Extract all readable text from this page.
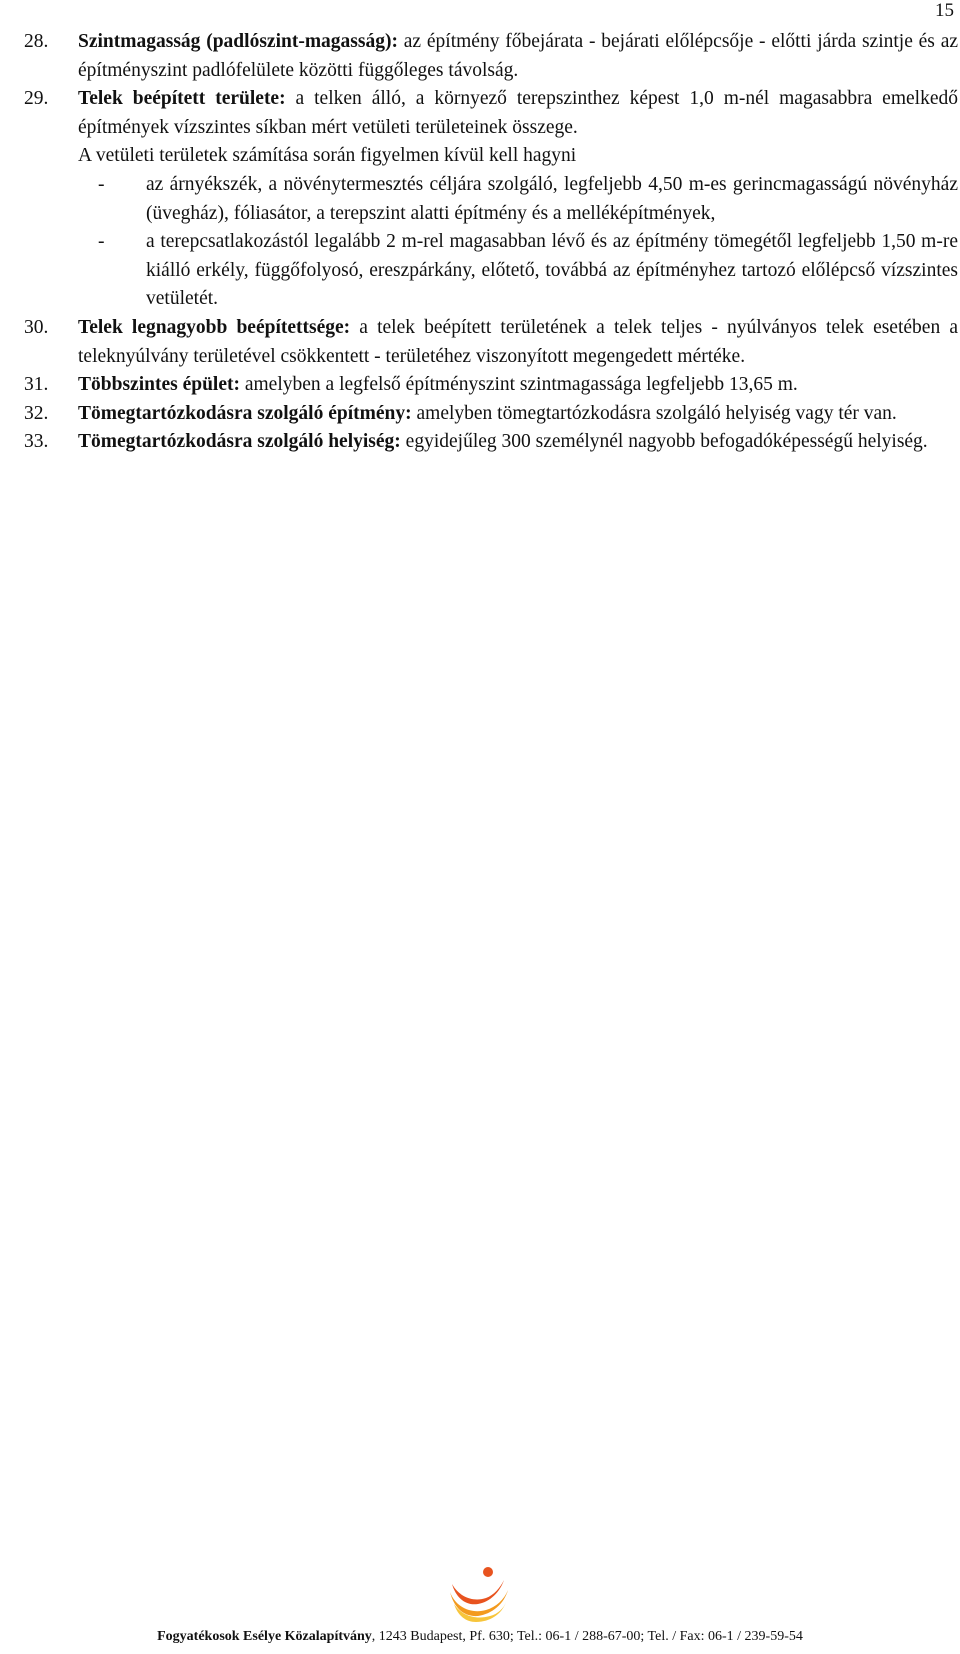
15
28. Szintmagasság (padlószint-magasság): az építmény főbejárata - bejárati előlépcsője - előtti járda szintje és az építményszint padlófelülete közötti függőleges távolság.

29. Telek beépített területe: a telken álló, a környező terepszinthez képest 1,0 m-nél magasabbra emelkedő építmények vízszintes síkban mért vetületi területeinek összege.

A vetületi területek számítása során figyelmen kívül kell hagyni

- az árnyékszék, a növénytermesztés céljára szolgáló, legfeljebb 4,50 m-es gerincmagasságú növényház (üvegház), fóliasátor, a terepszint alatti építmény és a melléképítmények,
- a terepcsatlakozástól legalább 2 m-rel magasabban lévő és az építmény tömegétől legfeljebb 1,50 m-re kiálló erkély, függőfolyosó, ereszpárkány, előtető, továbbá az építményhez tartozó előlépcső vízszintes vetületét.
30. Telek legnagyobb beépítettsége: a telek beépített területének a telek teljes - nyúlványos telek esetében a teleknyúlvány területével csökkentett - területéhez viszonyított megengedett mértéke.

31. Többszintes épület: amelyben a legfelső építményszint szintmagassága legfeljebb 13,65 m.

32. Tömegtartózkodásra szolgáló építmény: amelyben tömegtartózkodásra szolgáló helyiség vagy tér van.

33. Tömegtartózkodásra szolgáló helyiség: egyidejűleg 300 személynél nagyobb befogadóképességű helyiség.

Fogyatékosok Esélye Közalapítvány, 1243 Budapest, Pf. 630; Tel.: 06-1 / 288-67-00; Tel. / Fax: 06-1 / 239-59-54
